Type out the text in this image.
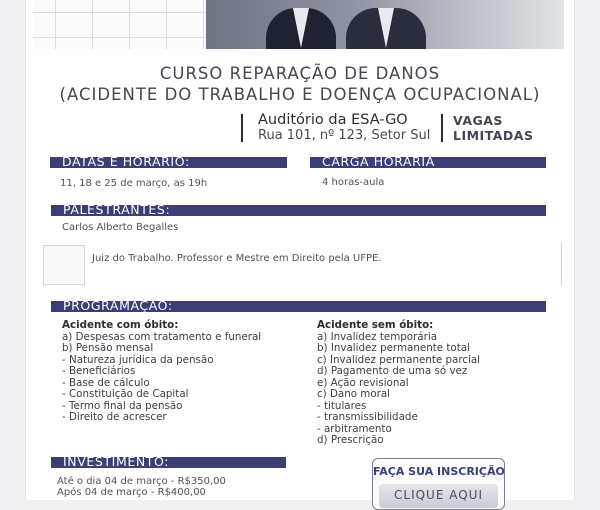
CURSO REPARAÇÃO DE DANOS
(ACIDENTE DO TRABALHO E DOENÇA OCUPACIONAL)
Auditório da ESA-GO
Rua 101, nº 123, Setor Sul
VAGAS
LIMITADAS
DATAS E HORÁRIO:
11, 18 e 25 de março, as 19h
CARGA HORÁRIA
4 horas-aula
PALESTRANTES:
Carlos Alberto Begalles
Juiz do Trabalho. Professor e Mestre em Direito pela UFPE.
PROGRAMAÇÃO:
Acidente com óbito:
a) Despesas com tratamento e funeral
b) Pensão mensal
- Natureza jurídica da pensão
- Beneficiários
- Base de cálculo
- Constituição de Capital
- Termo final da pensão
- Direito de acrescer
Acidente sem óbito:
a) Invalidez temporária
b) Invalidez permanente total
c) Invalidez permanente parcial
d) Pagamento de uma só vez
e) Ação revisional
c) Dano moral
- titulares
- transmissibilidade
- arbitramento
d) Prescrição
INVESTIMENTO:
Até o dia 04 de março - R$350,00
Após 04 de março - R$400,00
FAÇA SUA INSCRIÇÃO
CLIQUE AQUI
